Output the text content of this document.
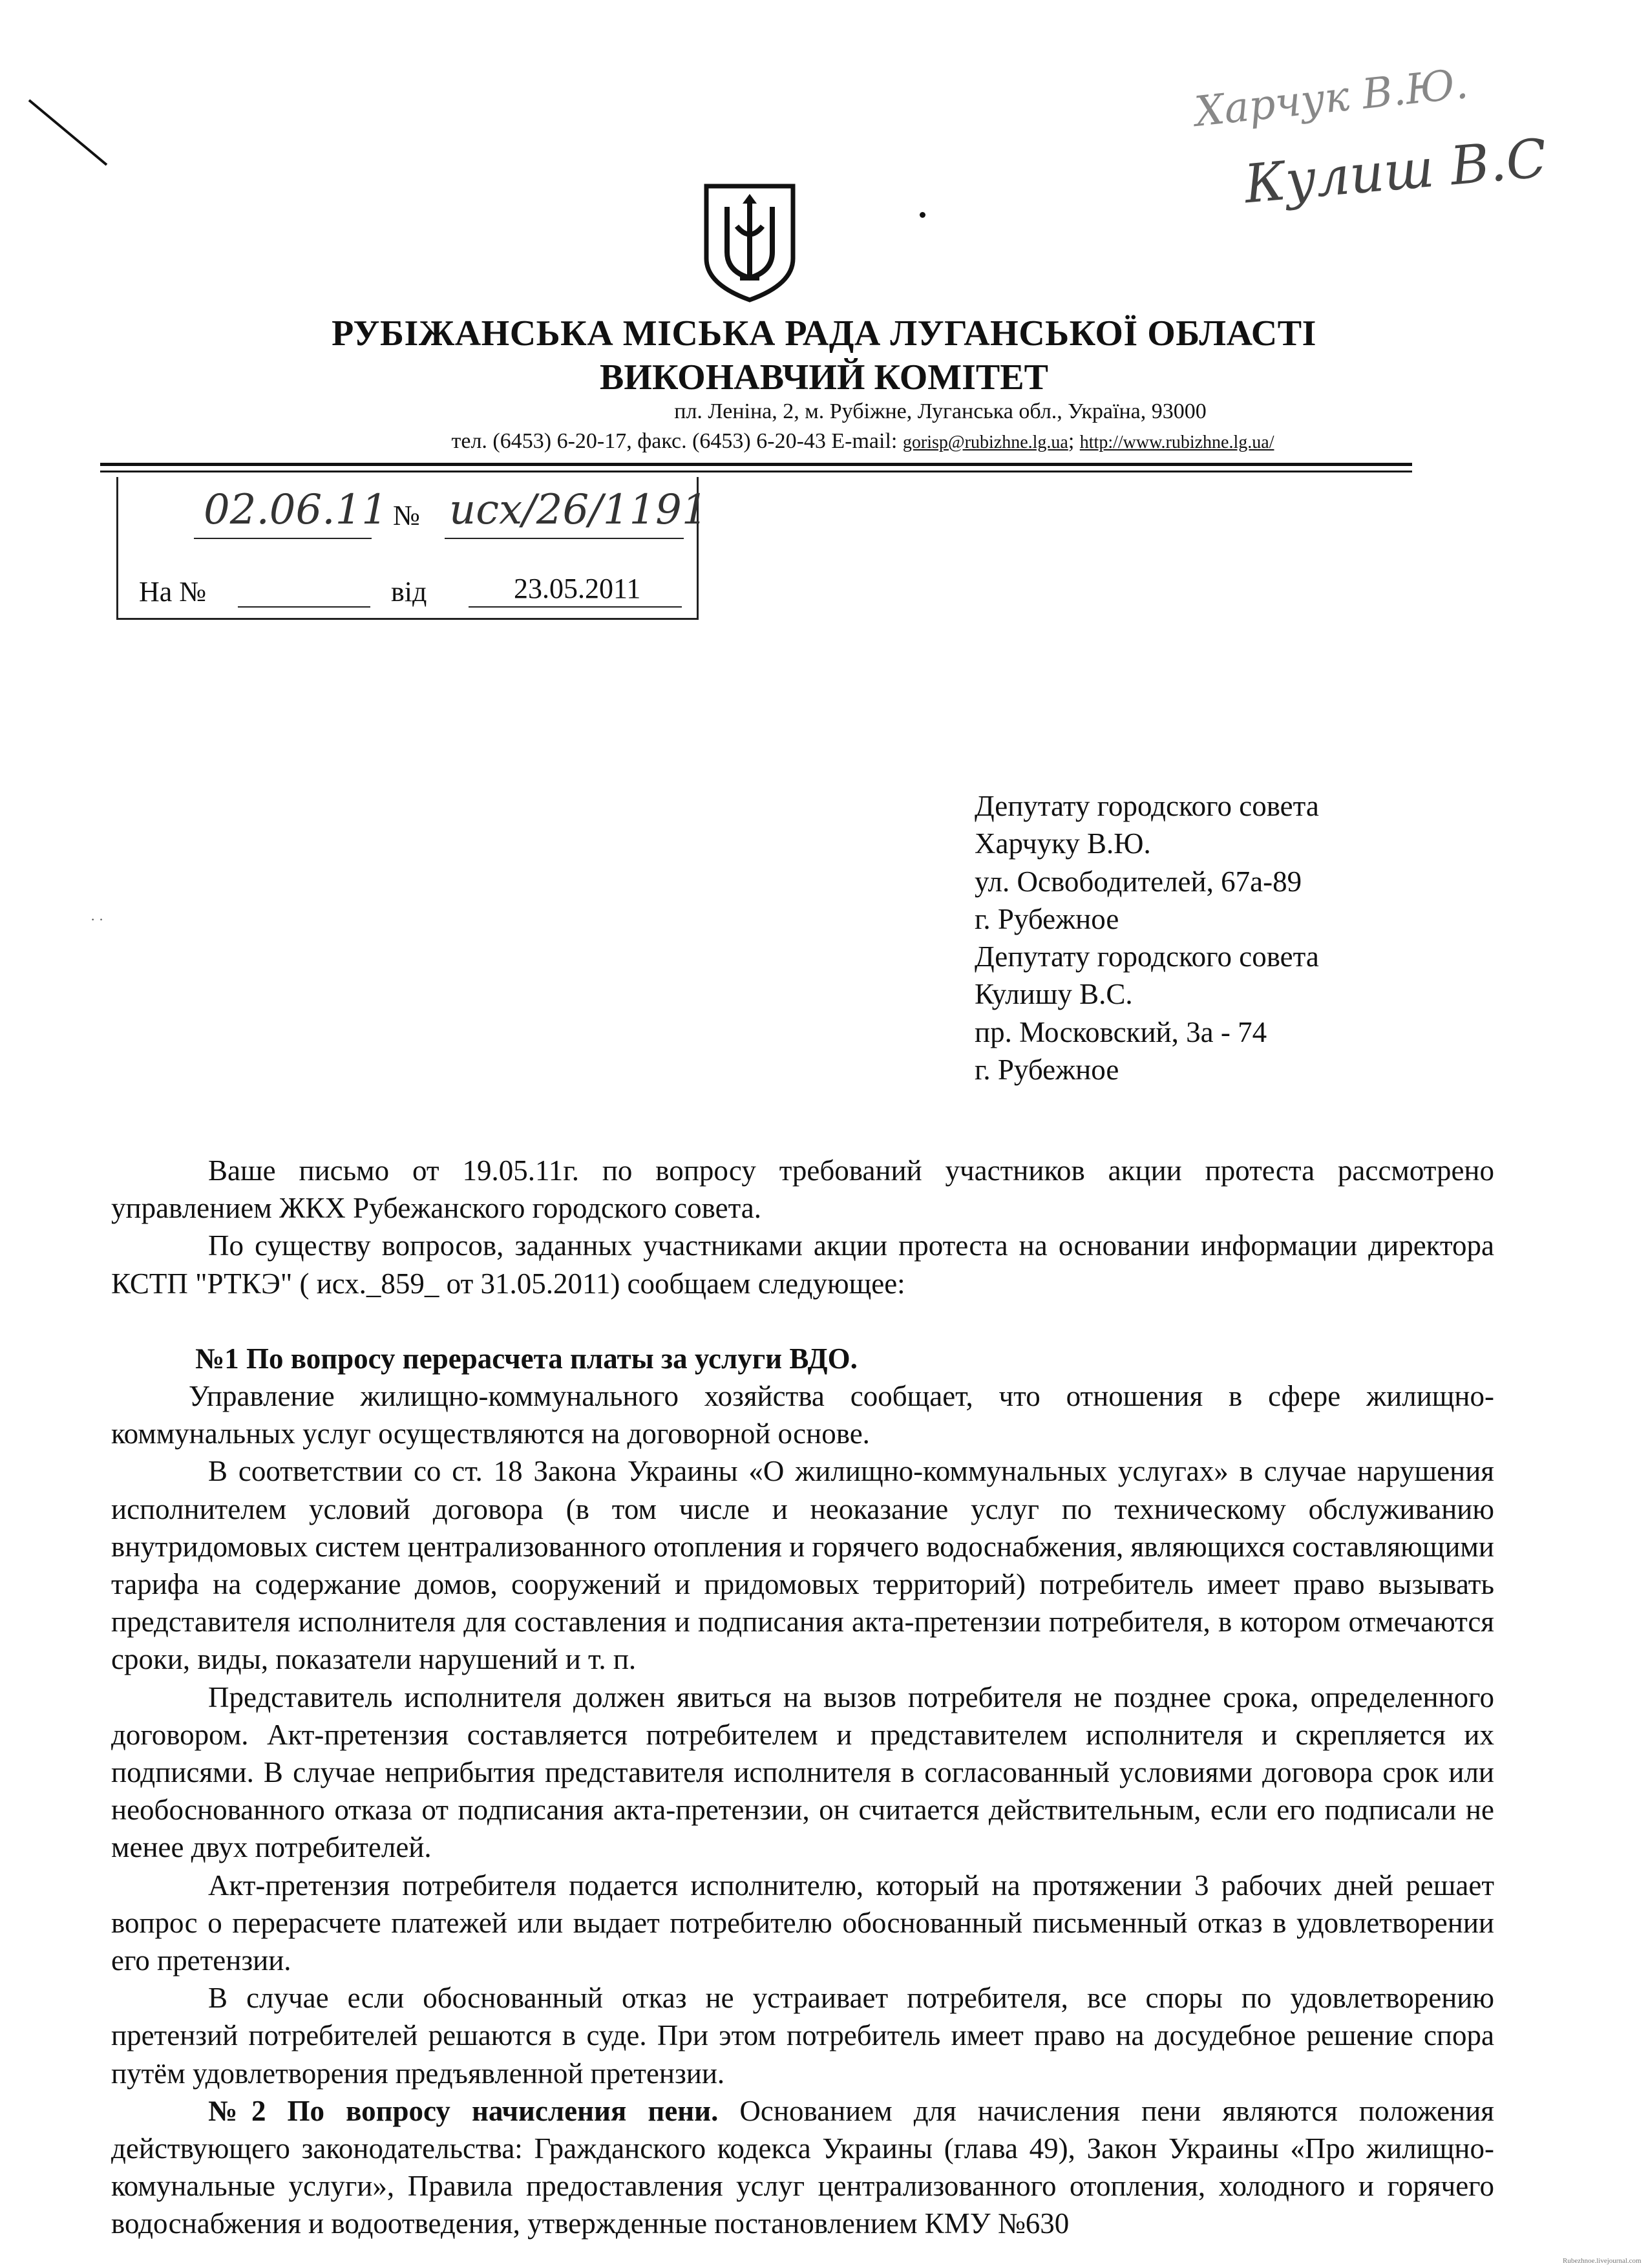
РУБІЖАНСЬКА МІСЬКА РАДА ЛУГАНСЬКОЇ ОБЛАСТІ
ВИКОНАВЧИЙ КОМІТЕТ
пл. Леніна, 2, м. Рубіжне, Луганська обл., Україна, 93000
тел. (6453) 6-20-17, факс. (6453) 6-20-43 E-mail: gorisp@rubizhne.lg.ua; http://www.rubizhne.lg.ua/
02.06.11 № исх/26/1191
На №	від	23.05.2011
Депутату городского совета
Харчуку В.Ю.
ул. Освободителей, 67а-89
г. Рубежное
Депутату городского совета
Кулишу В.С.
пр. Московский, 3а - 74
г. Рубежное

Ваше письмо от 19.05.11г. по вопросу требований участников акции протеста рассмотрено управлением ЖКХ Рубежанского городского совета.

По существу вопросов, заданных участниками акции протеста на основании информации директора КСТП "РТКЭ" ( исх._859_ от 31.05.2011) сообщаем следующее:

№1 По вопросу перерасчета платы за услуги ВДО.

Управление жилищно-коммунального хозяйства сообщает, что отношения в сфере жилищно-коммунальных услуг осуществляются на договорной основе.

В соответствии со ст. 18 Закона Украины «О жилищно-коммунальных услугах» в случае нарушения исполнителем условий договора (в том числе и неоказание услуг по техническому обслуживанию внутридомовых систем централизованного отопления и горячего водоснабжения, являющихся составляющими тарифа на содержание домов, сооружений и придомовых территорий) потребитель имеет право вызывать представителя исполнителя для составления и подписания акта-претензии потребителя, в котором отмечаются сроки, виды, показатели нарушений и т. п.

Представитель исполнителя должен явиться на вызов потребителя не позднее срока, определенного договором. Акт-претензия составляется потребителем и представителем исполнителя и скрепляется их подписями. В случае неприбытия представителя исполнителя в согласованный условиями договора срок или необоснованного отказа от подписания акта-претензии, он считается действительным, если его подписали не менее двух потребителей.

Акт-претензия потребителя подается исполнителю, который на протяжении 3 рабочих дней решает вопрос о перерасчете платежей или выдает потребителю обоснованный письменный отказ в удовлетворении его претензии.

В случае если обоснованный отказ не устраивает потребителя, все споры по удовлетворению претензий потребителей решаются в суде. При этом потребитель имеет право на досудебное решение спора путём удовлетворения предъявленной претензии.

№2 По вопросу начисления пени. Основанием для начисления пени являются положения действующего законодательства: Гражданского кодекса Украины (глава 49), Закон Украины «Про жилищно-комунальные услуги», Правила предоставления услуг централизованного отопления, холодного и горячего водоснабжения и водоотведения, утвержденные постановлением КМУ №630

· ·
Харчук В.Ю.
Кулиш В.С
Rubezhnoe.livejournal.com
